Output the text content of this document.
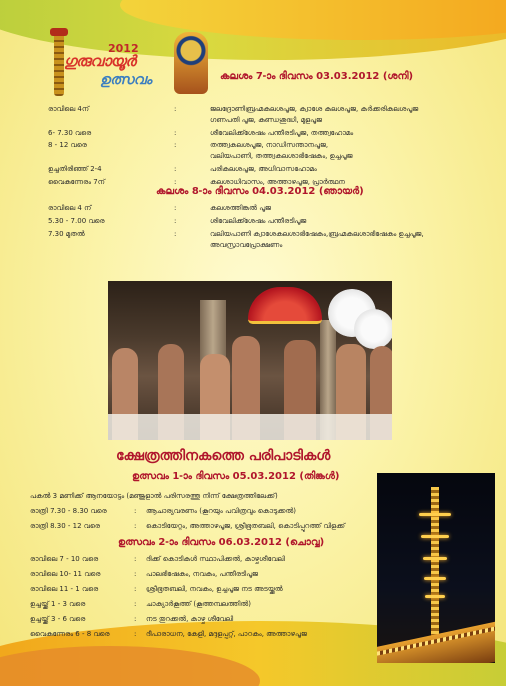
2012
ഗുരുവായൂർ
ഉത്സവം	കലശം 7-ാം ദിവസം 03.03.2012 (ശനി)
രാവിലെ 4ന്	:	ജലദ്രോണിബ്രഹ്മകലശപൂജ, ക്വാശേ കലശപൂജ, കർക്കരികലശപൂജ
ഗണപതി പൂജ, കുണ്ഡശുദ്ധി, മുളപൂജ
6- 7.30 വരെ	:	ശീവേലിക്ക്ശേഷം പന്തീരടിപൂജ, തത്ത്വഹോമം
8 - 12 വരെ	:	തത്ത്വകലശപൂജ, നാഡിസന്താനപൂജ,
വലിയപാണി, തത്ത്വകലശാഭിഷേകം, ഉച്ചപൂജ
ഉച്ചതിരിഞ്ഞ് 2-4	:	പരികലശപൂജ, അധിവാസഹോമം
വൈകുന്നേരം 7ന്	:	കലശാധിവാസം, അത്താഴപൂജ, പ്രാർത്ഥന
കലശം 8-ാം ദിവസം 04.03.2012 (ഞായർ)
രാവിലെ 4 ന്	:	കലശത്തിങ്കൽ പൂജ
5.30 - 7.00 വരെ	:	ശിവേലിക്ക്ശേഷം പന്തീരടിപൂജ
7.30 മുതൽ	:	വലിയപാണി ക്വാശേകലശാഭിഷേകം,ബ്രഹ്മകലശാഭിഷേകം ഉച്ചപൂജ,
അവസ്രാവപ്രോക്ഷണം
ക്ഷേത്രത്തിനകത്തെ പരിപാടികൾ
ഉത്സവം 1-ാം ദിവസം 05.03.2012 (തിങ്കൾ)
പകൽ 3 മണിക്ക് ആനയോട്ടം (മഞ്ജുളാൽ പരിസരത്തു നിന്ന് ക്ഷേത്രത്തിലേക്ക്)
രാത്രി 7.30 - 8.30 വരെ	: ആചാര്യവരണം (കൂറയും പവിത്രവും കൊടുക്കൽ)
രാത്രി 8.30 - 12 വരെ	: കൊടിയേറ്റം, അത്താഴപൂജ, ശ്രീഭൂതബലി, കൊടിപ്പുറത്ത് വിളക്ക്
ഉത്സവം 2-ാം ദിവസം 06.03.2012 (ചൊവ്വ)
രാവിലെ 7 - 10 വരെ	: ദിക്ക് കൊടികൾ സ്ഥാപിക്കൽ, കാഴ്ചശീവേലി
രാവിലെ 10- 11 വരെ	: പാലഭിഷേകം, നവകം, പന്തീരടിപൂജ
രാവിലെ 11 - 1 വരെ	: ശ്രീഭൂതബലി, നവകം, ഉച്ചപൂജ നട അടയ്ക്കൽ
ഉച്ചയ്ക്ക് 1 - 3 വരെ	: ചാക്യാർകൂത്ത് (കൂത്തമ്പലത്തിൽ)
ഉച്ചയ്ക്ക് 3 - 6 വരെ	: നട തുറക്കൽ, കാഴ്ച ശീവേലി
വൈകുന്നേരം 6 - 8 വരെ	: ദീപാരാധന, കേളി, മദ്ദളപ്പറ്റ്, പാഠകം, അത്താഴപൂജ
